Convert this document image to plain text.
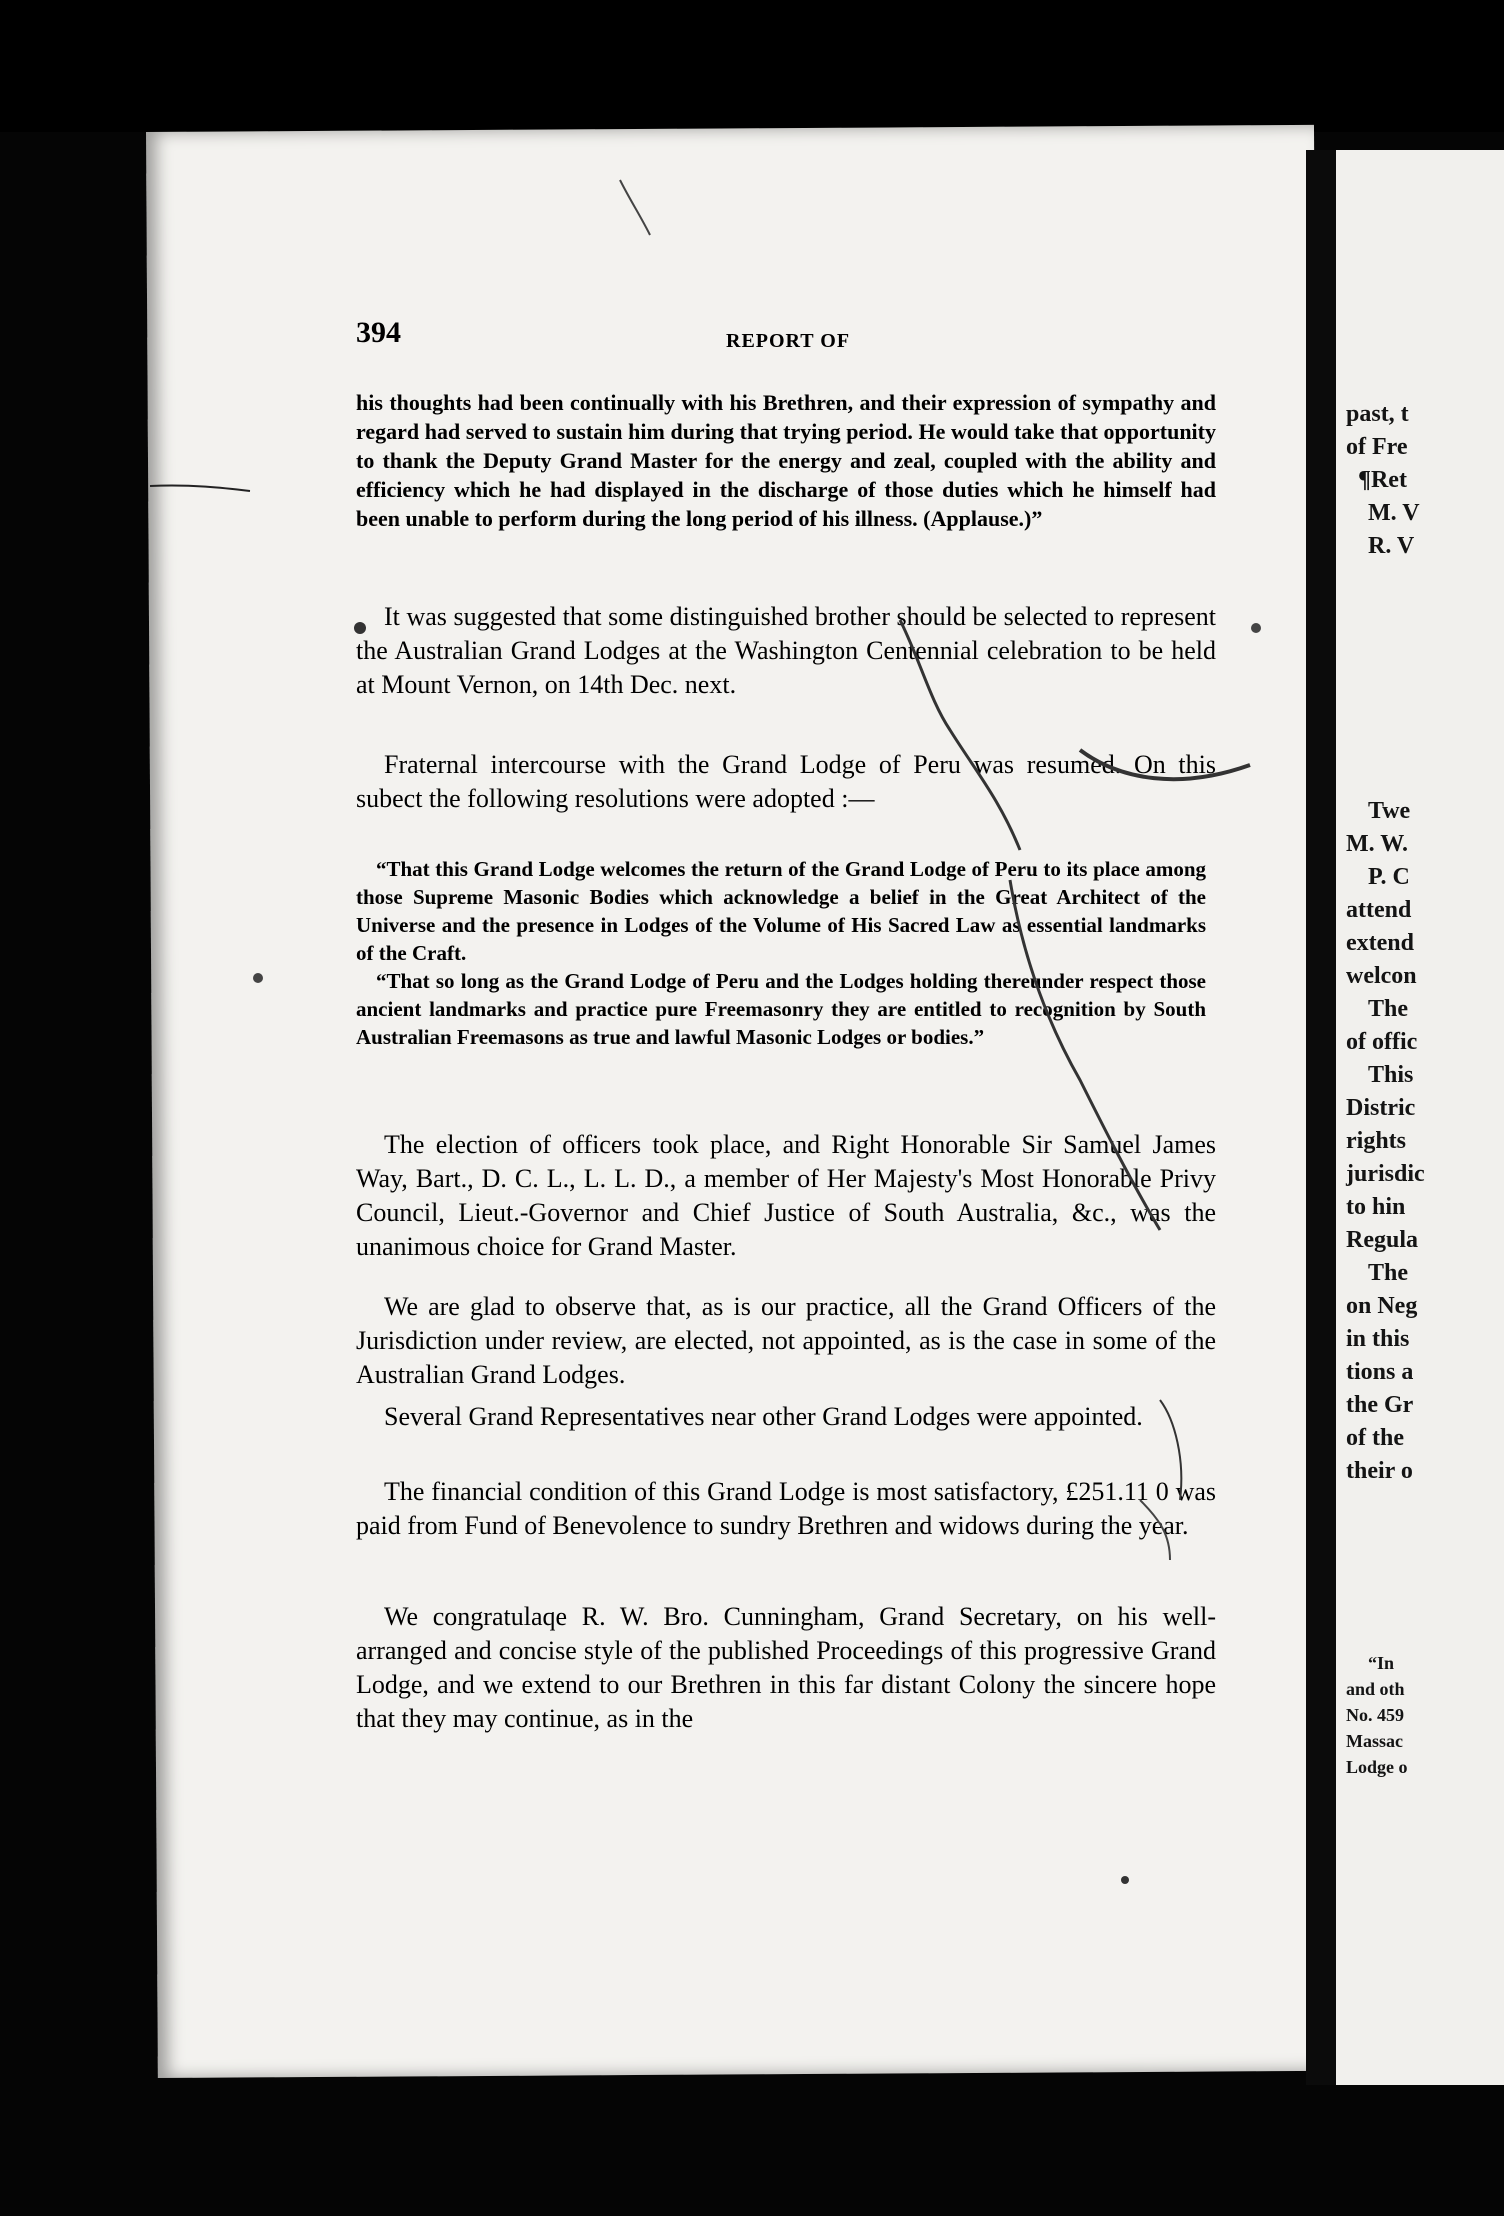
394	REPORT OF

his thoughts had been continually with his Brethren, and their expression of sympathy and regard had served to sustain him during that trying period. He would take that opportunity to thank the Deputy Grand Master for the energy and zeal, coupled with the ability and efficiency which he had displayed in the discharge of those duties which he himself had been unable to perform during the long period of his illness. (Applause.)”

It was suggested that some distinguished brother should be selected to represent the Australian Grand Lodges at the Washington Centennial celebration to be held at Mount Vernon, on 14th Dec. next.

Fraternal intercourse with the Grand Lodge of Peru was resumed. On this subect the following resolutions were adopted :—

“That this Grand Lodge welcomes the return of the Grand Lodge of Peru to its place among those Supreme Masonic Bodies which acknowledge a belief in the Great Architect of the Universe and the presence in Lodges of the Volume of His Sacred Law as essential landmarks of the Craft.

“That so long as the Grand Lodge of Peru and the Lodges holding thereunder respect those ancient landmarks and practice pure Freemasonry they are entitled to recognition by South Australian Freemasons as true and lawful Masonic Lodges or bodies.”

The election of officers took place, and Right Honorable Sir Samuel James Way, Bart., D. C. L., L. L. D., a member of Her Majesty's Most Honorable Privy Council, Lieut.-Governor and Chief Justice of South Australia, &c., was the unanimous choice for Grand Master.

We are glad to observe that, as is our practice, all the Grand Officers of the Jurisdiction under review, are elected, not appointed, as is the case in some of the Australian Grand Lodges.

Several Grand Representatives near other Grand Lodges were appointed.

The financial condition of this Grand Lodge is most satisfactory, £251.11 0 was paid from Fund of Benevolence to sundry Brethren and widows during the year.

We congratulaqe R. W. Bro. Cunningham, Grand Secretary, on his well-arranged and concise style of the published Proceedings of this progressive Grand Lodge, and we extend to our Brethren in this far distant Colony the sincere hope that they may continue, as in the

past, t
of Fre
¶Ret
M. V
R. V
Twe
M. W.
P. C
attend
extend
welcon
The
of offic
This
Distric
rights
jurisdic
to hin
Regula
The
on Neg
in this
tions a
the Gr
of the
their o
“In
and oth
No. 459
Massac
Lodge o
